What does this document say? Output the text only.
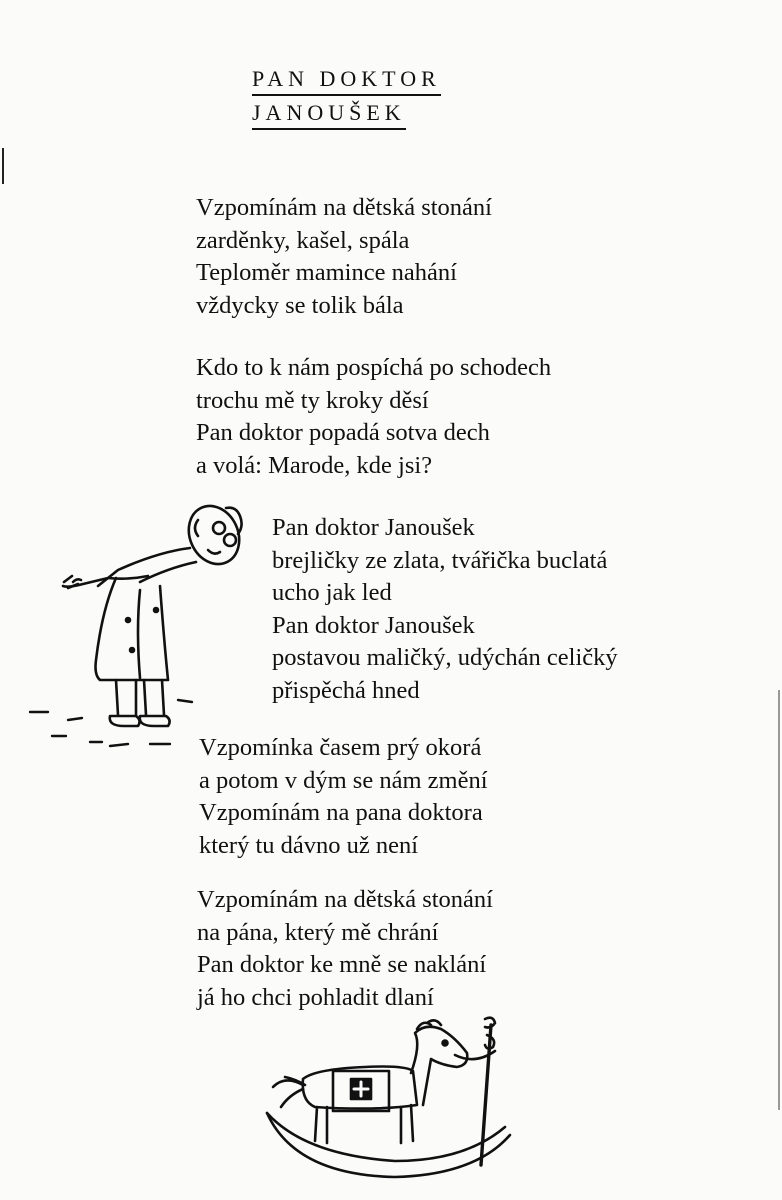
PAN DOKTOR
JANOUŠEK
Vzpomínám na dětská stonání
zarděnky, kašel, spála
Teploměr mamince nahání
vždycky se tolik bála
Kdo to k nám pospíchá po schodech
trochu mě ty kroky děsí
Pan doktor popadá sotva dech
a volá: Marode, kde jsi?
Pan doktor Janoušek
brejličky ze zlata, tvářička buclatá
ucho jak led
Pan doktor Janoušek
postavou maličký, udýchán celičký
přispěchá hned
Vzpomínka časem prý okorá
a potom v dým se nám změní
Vzpomínám na pana doktora
který tu dávno už není
Vzpomínám na dětská stonání
na pána, který mě chrání
Pan doktor ke mně se naklání
já ho chci pohladit dlaní
